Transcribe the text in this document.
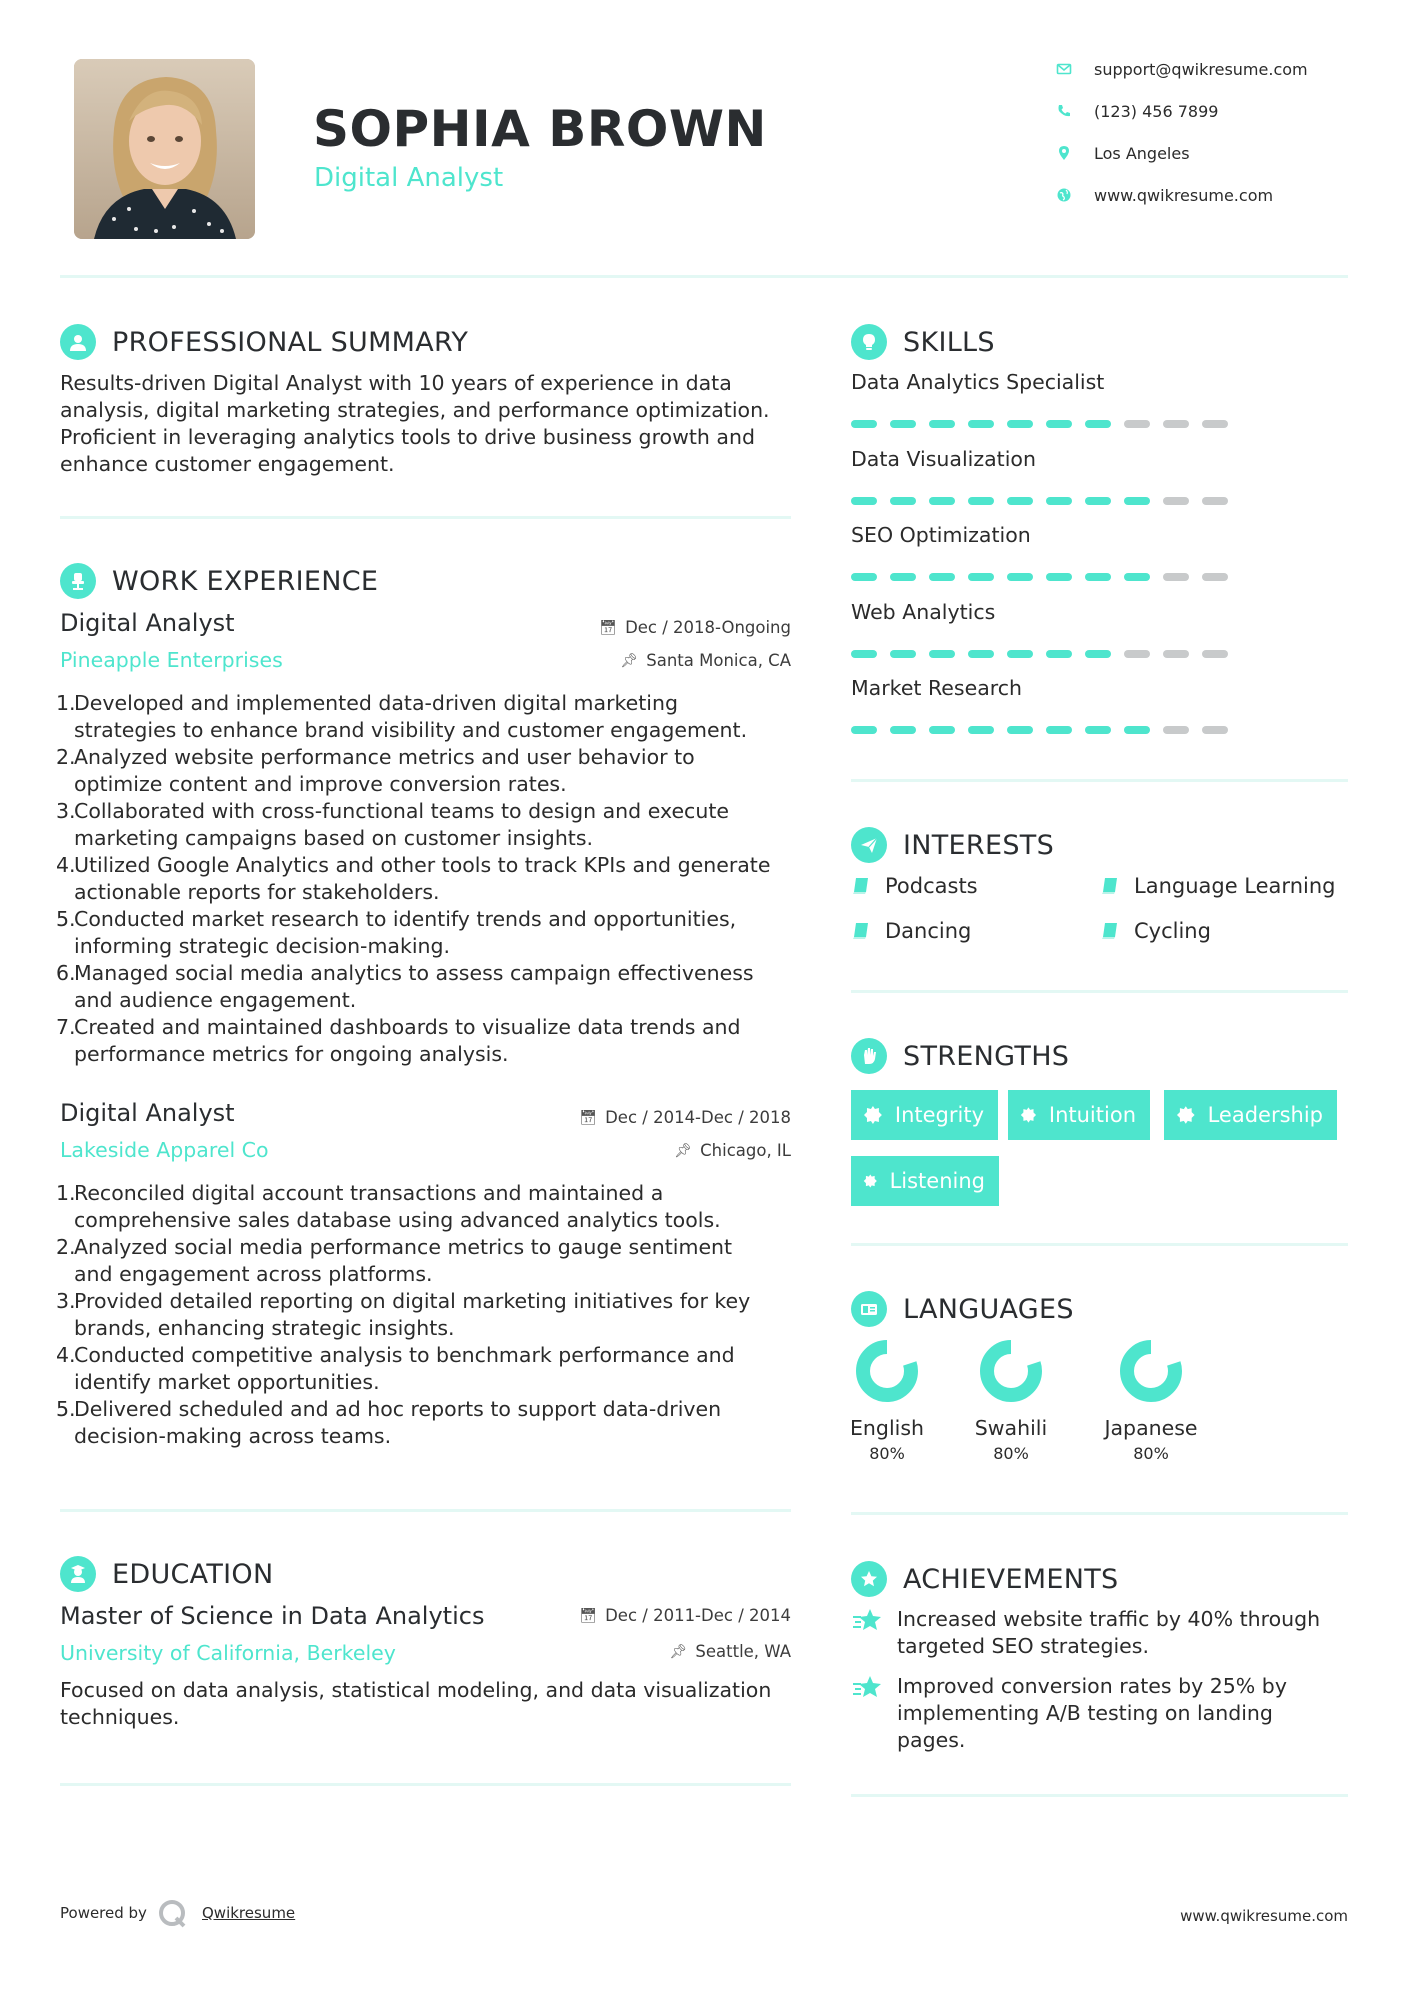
SOPHIA BROWN
Digital Analyst
support@qwikresume.com
(123) 456 7899
Los Angeles
www.qwikresume.com
PROFESSIONAL SUMMARY
Results-driven Digital Analyst with 10 years of experience in data
analysis, digital marketing strategies, and performance optimization.
Proficient in leveraging analytics tools to drive business growth and
enhance customer engagement.
WORK EXPERIENCE
Digital Analyst
Pineapple Enterprises
📅︎ Dec / 2018-Ongoing
📌︎ Santa Monica, CA
1.
Developed and implemented data-driven digital marketing
strategies to enhance brand visibility and customer engagement.
2.
Analyzed website performance metrics and user behavior to
optimize content and improve conversion rates.
3.
Collaborated with cross-functional teams to design and execute
marketing campaigns based on customer insights.
4.
Utilized Google Analytics and other tools to track KPIs and generate
actionable reports for stakeholders.
5.
Conducted market research to identify trends and opportunities,
informing strategic decision-making.
6.
Managed social media analytics to assess campaign effectiveness
and audience engagement.
7.
Created and maintained dashboards to visualize data trends and
performance metrics for ongoing analysis.
Digital Analyst
Lakeside Apparel Co
📅︎ Dec / 2014-Dec / 2018
📌︎ Chicago, IL
1.
Reconciled digital account transactions and maintained a
comprehensive sales database using advanced analytics tools.
2.
Analyzed social media performance metrics to gauge sentiment
and engagement across platforms.
3.
Provided detailed reporting on digital marketing initiatives for key
brands, enhancing strategic insights.
4.
Conducted competitive analysis to benchmark performance and
identify market opportunities.
5.
Delivered scheduled and ad hoc reports to support data-driven
decision-making across teams.
EDUCATION
Master of Science in Data Analytics
University of California, Berkeley
📅︎ Dec / 2011-Dec / 2014
📌︎ Seattle, WA
Focused on data analysis, statistical modeling, and data visualization
techniques.
SKILLS
Data Analytics Specialist
Data Visualization
SEO Optimization
Web Analytics
Market Research
INTERESTS
Podcasts	Language Learning
Dancing	Cycling
STRENGTHS
Integrity	Intuition	Leadership
Listening
LANGUAGES
English
80%
Swahili
80%
Japanese
80%
ACHIEVEMENTS
Increased website traffic by 40% through
targeted SEO strategies.
Improved conversion rates by 25% by
implementing A/B testing on landing
pages.
Powered by	Qwikresume	www.qwikresume.com
